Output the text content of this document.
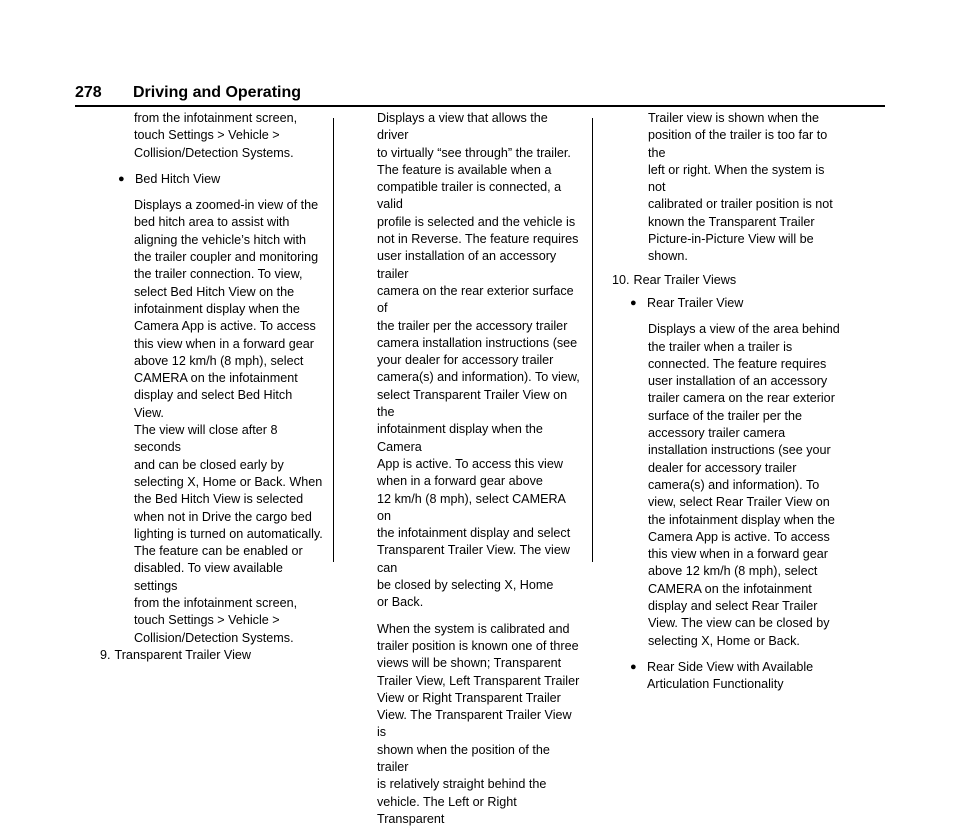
278 Driving and Operating

from the infotainment screen,

touch Settings > Vehicle >

Collision/Detection Systems.

● Bed Hitch View

Displays a zoomed-in view of the

bed hitch area to assist with

aligning the vehicle’s hitch with

the trailer coupler and monitoring

the trailer connection. To view,

select Bed Hitch View on the

infotainment display when the

Camera App is active. To access

this view when in a forward gear

above 12 km/h (8 mph), select

CAMERA on the infotainment

display and select Bed Hitch View.

The view will close after 8 seconds

and can be closed early by

selecting X, Home or Back. When

the Bed Hitch View is selected

when not in Drive the cargo bed

lighting is turned on automatically.

The feature can be enabled or

disabled. To view available settings

from the infotainment screen,

touch Settings > Vehicle >

Collision/Detection Systems.

9. Transparent Trailer View

Displays a view that allows the driver

to virtually “see through” the trailer.

The feature is available when a

compatible trailer is connected, a valid

profile is selected and the vehicle is

not in Reverse. The feature requires

user installation of an accessory trailer

camera on the rear exterior surface of

the trailer per the accessory trailer

camera installation instructions (see

your dealer for accessory trailer

camera(s) and information). To view,

select Transparent Trailer View on the

infotainment display when the Camera

App is active. To access this view

when in a forward gear above

12 km/h (8 mph), select CAMERA on

the infotainment display and select

Transparent Trailer View. The view can

be closed by selecting X, Home

or Back.

When the system is calibrated and

trailer position is known one of three

views will be shown; Transparent

Trailer View, Left Transparent Trailer

View or Right Transparent Trailer

View. The Transparent Trailer View is

shown when the position of the trailer

is relatively straight behind the

vehicle. The Left or Right Transparent

Trailer view is shown when the

position of the trailer is too far to the

left or right. When the system is not

calibrated or trailer position is not

known the Transparent Trailer

Picture-in-Picture View will be shown.

10. Rear Trailer Views
● Rear Trailer View

Displays a view of the area behind

the trailer when a trailer is

connected. The feature requires

user installation of an accessory

trailer camera on the rear exterior

surface of the trailer per the

accessory trailer camera

installation instructions (see your

dealer for accessory trailer

camera(s) and information). To

view, select Rear Trailer View on

the infotainment display when the

Camera App is active. To access

this view when in a forward gear

above 12 km/h (8 mph), select

CAMERA on the infotainment

display and select Rear Trailer

View. The view can be closed by

selecting X, Home or Back.

● Rear Side View with Available
Articulation Functionality
